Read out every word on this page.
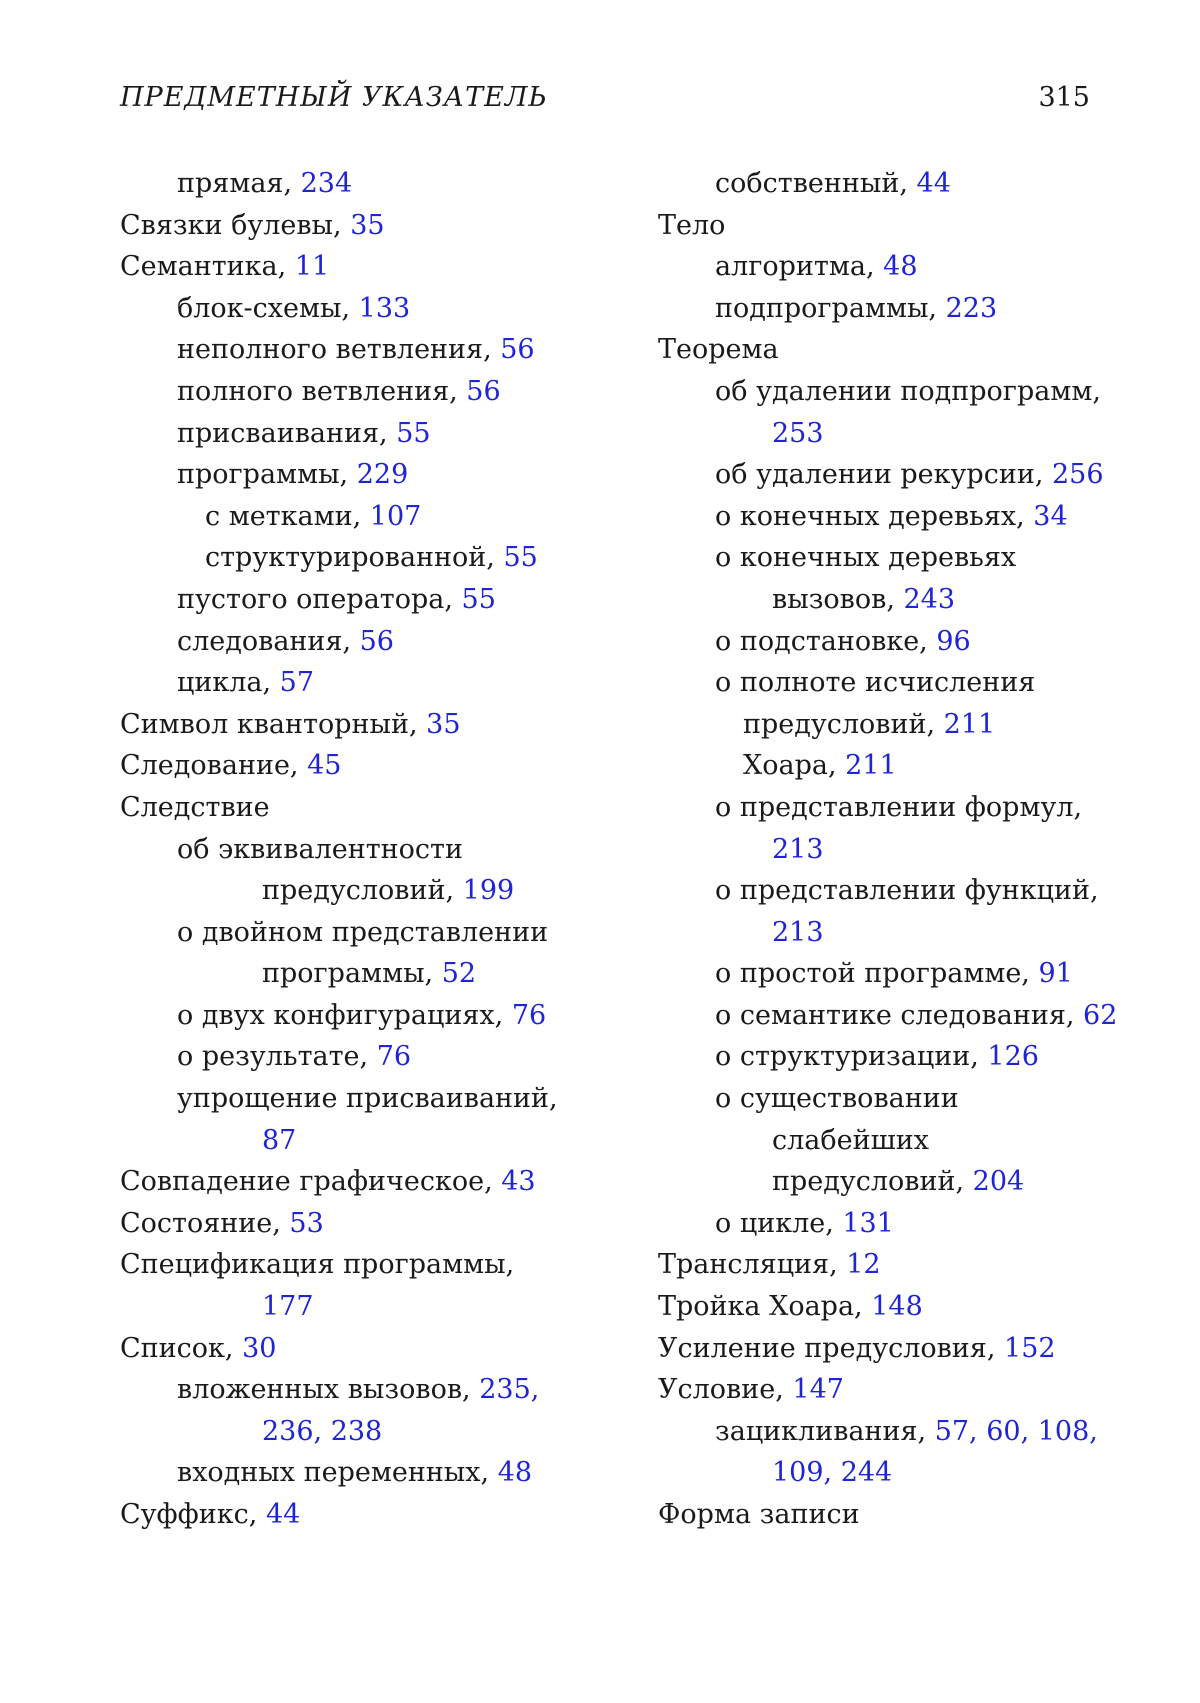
ПРЕДМЕТНЫЙ УКАЗАТЕЛЬ	315
прямая, 234
Связки булевы, 35
Семантика, 11
блок-схемы, 133
неполного ветвления, 56
полного ветвления, 56
присваивания, 55
программы, 229
с метками, 107
структурированной, 55
пустого оператора, 55
следования, 56
цикла, 57
Символ кванторный, 35
Следование, 45
Следствие
об эквивалентности
предусловий, 199
о двойном представлении
программы, 52
о двух конфигурациях, 76
о результате, 76
упрощение присваиваний,
87
Совпадение графическое, 43
Состояние, 53
Спецификация программы,
177
Список, 30
вложенных вызовов, 235,
236, 238
входных переменных, 48
Суффикс, 44
собственный, 44
Тело
алгоритма, 48
подпрограммы, 223
Теорема
об удалении подпрограмм,
253
об удалении рекурсии, 256
о конечных деревьях, 34
о конечных деревьях
вызовов, 243
о подстановке, 96
о полноте исчисления
предусловий, 211
Хоара, 211
о представлении формул,
213
о представлении функций,
213
о простой программе, 91
о семантике следования, 62
о структуризации, 126
о существовании
слабейших
предусловий, 204
о цикле, 131
Трансляция, 12
Тройка Хоара, 148
Усиление предусловия, 152
Условие, 147
зацикливания, 57, 60, 108,
109, 244
Форма записи
